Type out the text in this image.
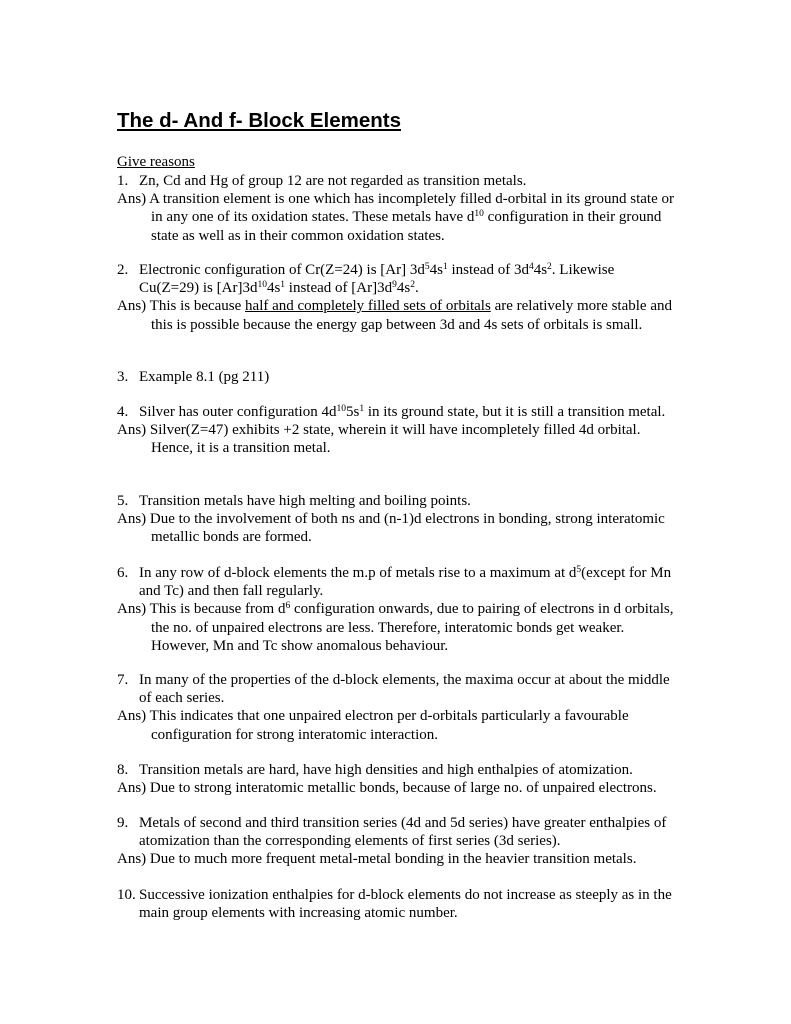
The d- And f- Block Elements
Give reasons
1. Zn, Cd and Hg of group 12 are not regarded as transition metals.
Ans) A transition element is one which has incompletely filled d-orbital in its ground state or in any one of its oxidation states. These metals have $d^{10}$ configuration in their ground state as well as in their common oxidation states.
2. Electronic configuration of Cr(Z=24) is [Ar] $3d^54s^1$ instead of $3d^44s^2$. Likewise Cu(Z=29) is $[Ar]3d^{10}4s^1$ instead of $[Ar]3d^94s^2$.
Ans) This is because half and completely filled sets of orbitals are relatively more stable and this is possible because the energy gap between 3d and 4s sets of orbitals is small.
3. Example 8.1 (pg 211)
4. Silver has outer configuration $4d^{10}5s^1$ in its ground state, but it is still a transition metal.
Ans) Silver(Z=47) exhibits +2 state, wherein it will have incompletely filled 4d orbital. Hence, it is a transition metal.
5. Transition metals have high melting and boiling points.
Ans) Due to the involvement of both ns and (n-1)d electrons in bonding, strong interatomic metallic bonds are formed.
6. In any row of d-block elements the m.p of metals rise to a maximum at $d^5(except$ for Mn and Tc) and then fall regularly.
Ans) This is because from $d^6$ configuration onwards, due to pairing of electrons in d orbitals, the no. of unpaired electrons are less. Therefore, interatomic bonds get weaker. However, Mn and Tc show anomalous behaviour.
7. In many of the properties of the d-block elements, the maxima occur at about the middle of each series.
Ans) This indicates that one unpaired electron per d-orbitals particularly a favourable configuration for strong interatomic interaction.
8. Transition metals are hard, have high densities and high enthalpies of atomization.
Ans) Due to strong interatomic metallic bonds, because of large no. of unpaired electrons.
9. Metals of second and third transition series (4d and 5d series) have greater enthalpies of atomization than the corresponding elements of first series (3d series).
Ans) Due to much more frequent metal-metal bonding in the heavier transition metals.
10. Successive ionization enthalpies for d-block elements do not increase as steeply as in the main group elements with increasing atomic number.
